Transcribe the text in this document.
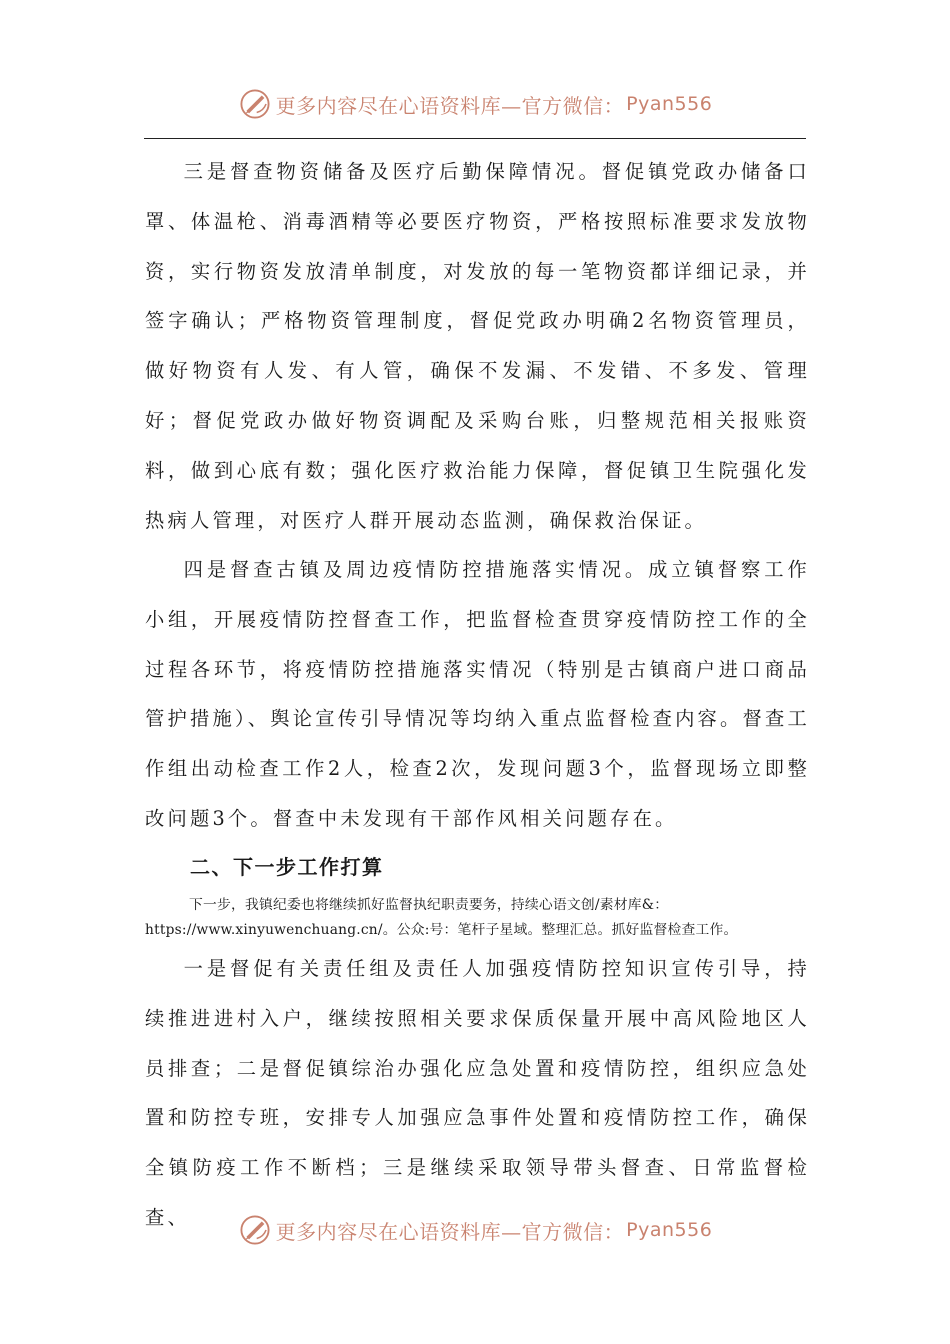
更多内容尽在心语资料库—官方微信： Pyan556

三是督查物资储备及医疗后勤保障情况。督促镇党政办储备口罩、体温枪、消毒酒精等必要医疗物资，严格按照标准要求发放物资，实行物资发放清单制度，对发放的每一笔物资都详细记录，并签字确认；严格物资管理制度，督促党政办明确2名物资管理员，做好物资有人发、有人管，确保不发漏、不发错、不多发、管理好；督促党政办做好物资调配及采购台账，归整规范相关报账资料，做到心底有数；强化医疗救治能力保障，督促镇卫生院强化发热病人管理，对医疗人群开展动态监测，确保救治保证。

四是督查古镇及周边疫情防控措施落实情况。成立镇督察工作小组，开展疫情防控督查工作，把监督检查贯穿疫情防控工作的全过程各环节，将疫情防控措施落实情况（特别是古镇商户进口商品管护措施）、舆论宣传引导情况等均纳入重点监督检查内容。督查工作组出动检查工作2人，检查2次，发现问题3个，监督现场立即整改问题3个。督查中未发现有干部作风相关问题存在。

二、下一步工作打算

下一步，我镇纪委也将继续抓好监督执纪职责要务，持续心语文创/素材库&：
https://www.xinyuwenchuang.cn/。公众:号：笔杆子星域。整理汇总。抓好监督检查工作。

一是督促有关责任组及责任人加强疫情防控知识宣传引导，持续推进进村入户，继续按照相关要求保质保量开展中高风险地区人员排查；二是督促镇综治办强化应急处置和疫情防控，组织应急处置和防控专班，安排专人加强应急事件处置和疫情防控工作，确保全镇防疫工作不断档；三是继续采取领导带头督查、日常监督检查、

更多内容尽在心语资料库—官方微信： Pyan556
